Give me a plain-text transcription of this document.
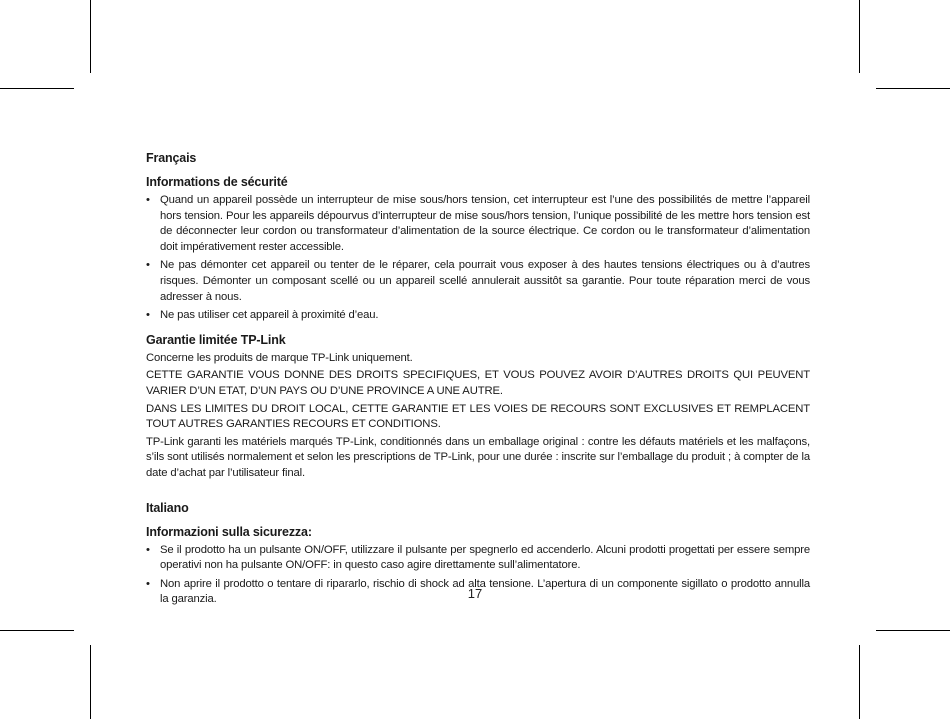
Français
Informations de sécurité
• Quand un appareil possède un interrupteur de mise sous/hors tension, cet interrupteur est l’une des possibilités de mettre l’appareil hors tension. Pour les appareils dépourvus d’interrupteur de mise sous/hors tension, l’unique possibilité de les mettre hors tension est de déconnecter leur cordon ou transformateur d’alimentation de la source électrique. Ce cordon ou le transformateur d’alimentation doit impérativement rester accessible.
• Ne pas démonter cet appareil ou tenter de le réparer, cela pourrait vous exposer à des hautes tensions électriques ou à d’autres risques. Démonter un composant scellé ou un appareil scellé annulerait aussitôt sa garantie. Pour toute réparation merci de vous adresser à nous.
• Ne pas utiliser cet appareil à proximité d’eau.
Garantie limitée TP-Link

Concerne les produits de marque TP-Link uniquement.

CETTE GARANTIE VOUS DONNE DES DROITS SPECIFIQUES, ET VOUS POUVEZ AVOIR D’AUTRES DROITS QUI PEUVENT VARIER D’UN ETAT, D’UN PAYS OU D’UNE PROVINCE A UNE AUTRE.

DANS LES LIMITES DU DROIT LOCAL, CETTE GARANTIE ET LES VOIES DE RECOURS SONT EXCLUSIVES ET REMPLACENT TOUT AUTRES GARANTIES RECOURS ET CONDITIONS.

TP-Link garanti les matériels marqués TP-Link, conditionnés dans un emballage original : contre les défauts matériels et les malfaçons, s’ils sont utilisés normalement et selon les prescriptions de TP-Link, pour une durée : inscrite sur l’emballage du produit ; à compter de la date d’achat par l’utilisateur final.

Italiano
Informazioni sulla sicurezza:
• Se il prodotto ha un pulsante ON/OFF, utilizzare il pulsante per spegnerlo ed accenderlo. Alcuni prodotti progettati per essere sempre operativi non ha pulsante ON/OFF: in questo caso agire direttamente sull’alimentatore.
• Non aprire il prodotto o tentare di ripararlo, rischio di shock ad alta tensione. L’apertura di un componente sigillato o prodotto annulla la garanzia.	17
